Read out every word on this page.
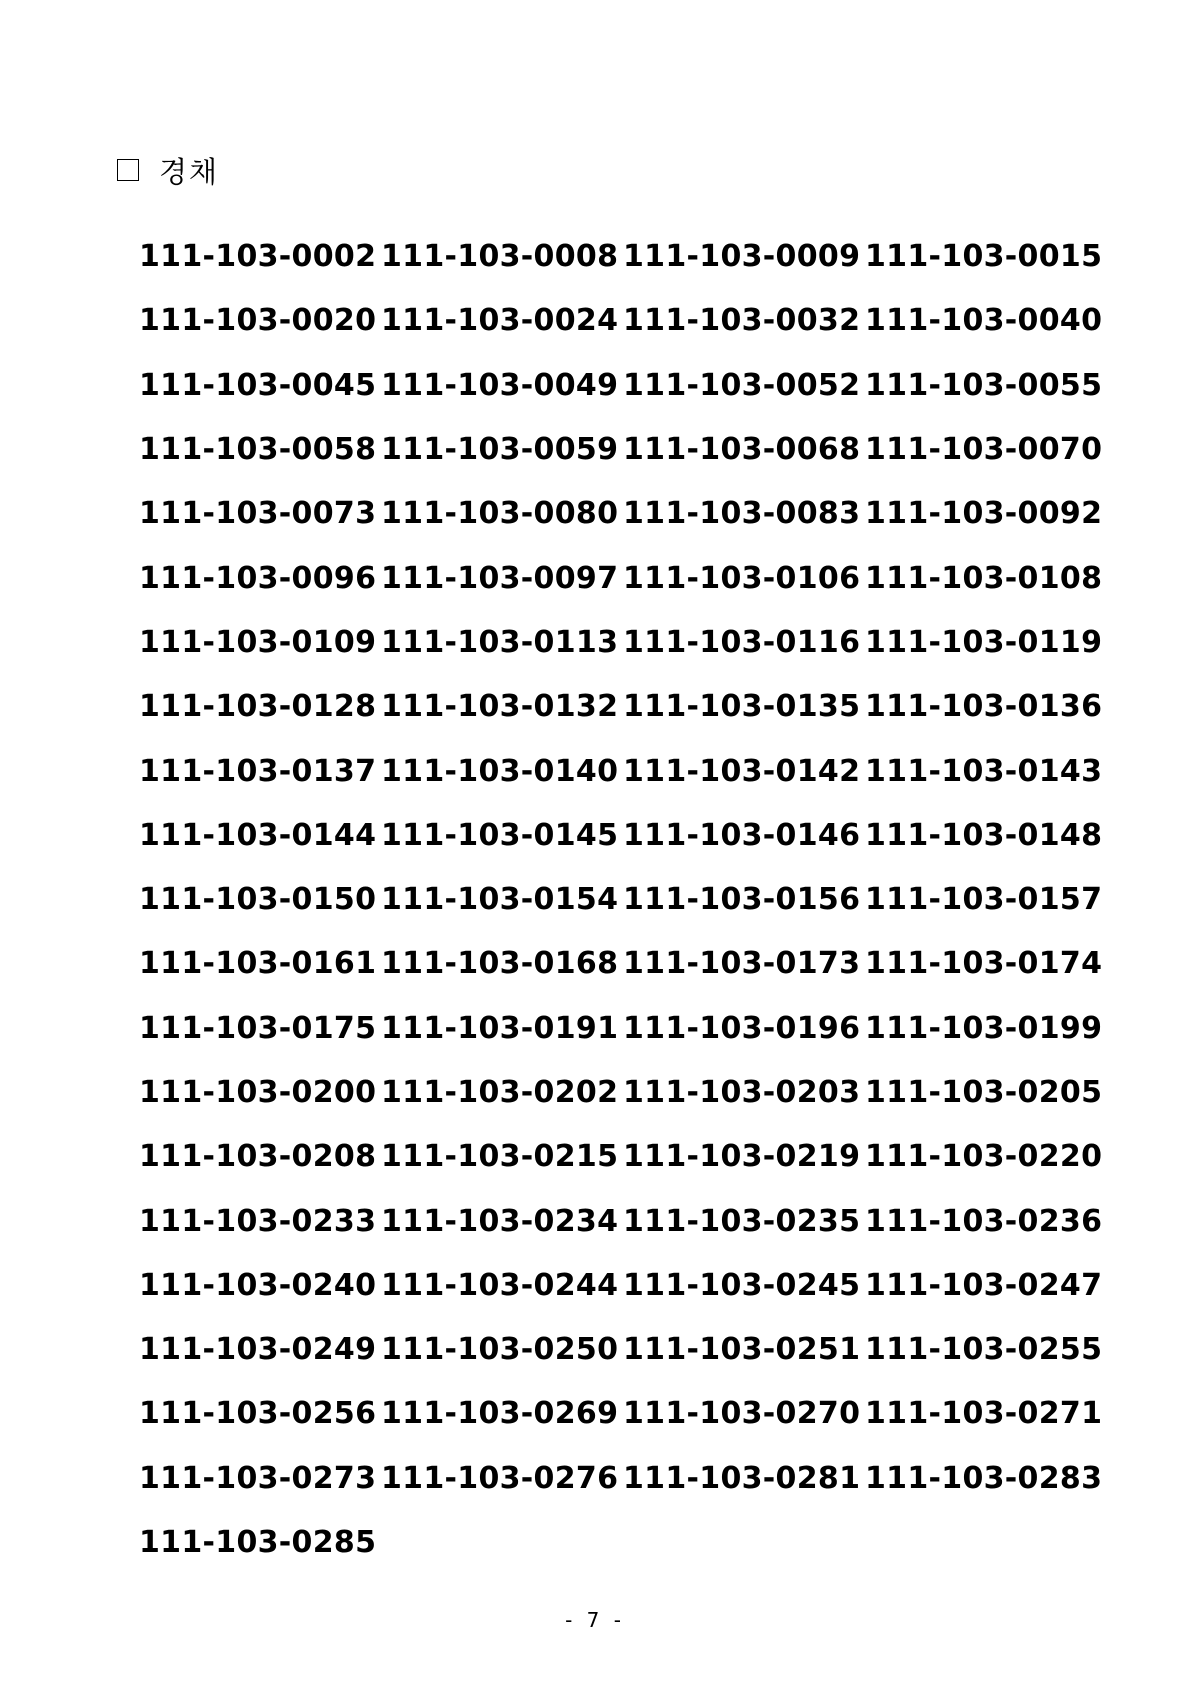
경채
111-103-0002 111-103-0008 111-103-0009 111-103-0015
111-103-0020 111-103-0024 111-103-0032 111-103-0040
111-103-0045 111-103-0049 111-103-0052 111-103-0055
111-103-0058 111-103-0059 111-103-0068 111-103-0070
111-103-0073 111-103-0080 111-103-0083 111-103-0092
111-103-0096 111-103-0097 111-103-0106 111-103-0108
111-103-0109 111-103-0113 111-103-0116 111-103-0119
111-103-0128 111-103-0132 111-103-0135 111-103-0136
111-103-0137 111-103-0140 111-103-0142 111-103-0143
111-103-0144 111-103-0145 111-103-0146 111-103-0148
111-103-0150 111-103-0154 111-103-0156 111-103-0157
111-103-0161 111-103-0168 111-103-0173 111-103-0174
111-103-0175 111-103-0191 111-103-0196 111-103-0199
111-103-0200 111-103-0202 111-103-0203 111-103-0205
111-103-0208 111-103-0215 111-103-0219 111-103-0220
111-103-0233 111-103-0234 111-103-0235 111-103-0236
111-103-0240 111-103-0244 111-103-0245 111-103-0247
111-103-0249 111-103-0250 111-103-0251 111-103-0255
111-103-0256 111-103-0269 111-103-0270 111-103-0271
111-103-0273 111-103-0276 111-103-0281 111-103-0283
111-103-0285
- 7 -
